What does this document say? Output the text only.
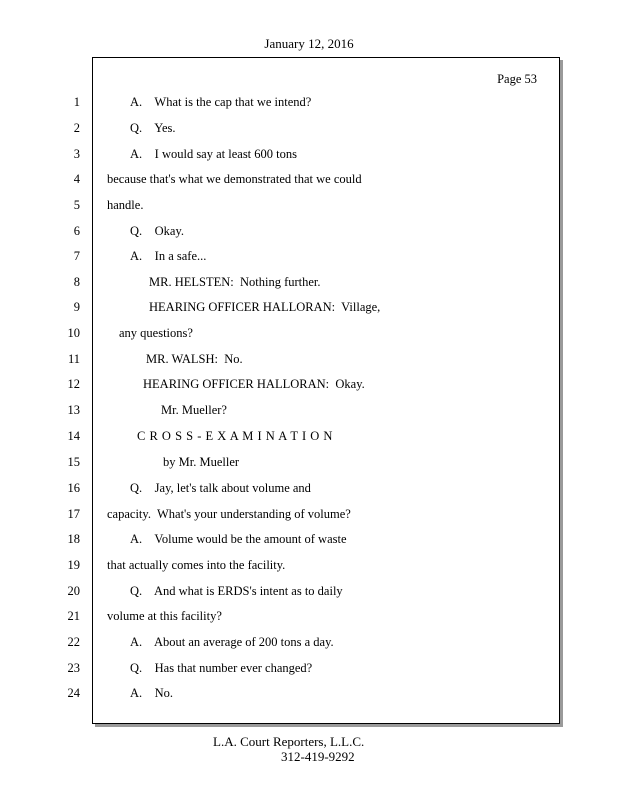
January 12, 2016
1
2
3
4
5
6
7
8
9
10
11
12
13
14
15
16
17
18
19
20
21
22
23
24
Page 53
A.    What is the cap that we intend?
Q.    Yes.
A.    I would say at least 600 tons
because that's what we demonstrated that we could
handle.
Q.    Okay.
A.    In a safe...
MR. HELSTEN:  Nothing further.
HEARING OFFICER HALLORAN:  Village,
any questions?
MR. WALSH:  No.
HEARING OFFICER HALLORAN:  Okay.
Mr. Mueller?
C R O S S - E X A M I N A T I O N
by Mr. Mueller
Q.    Jay, let's talk about volume and
capacity.  What's your understanding of volume?
A.    Volume would be the amount of waste
that actually comes into the facility.
Q.    And what is ERDS's intent as to daily
volume at this facility?
A.    About an average of 200 tons a day.
Q.    Has that number ever changed?
A.    No.
L.A. Court Reporters, L.L.C.
312-419-9292
